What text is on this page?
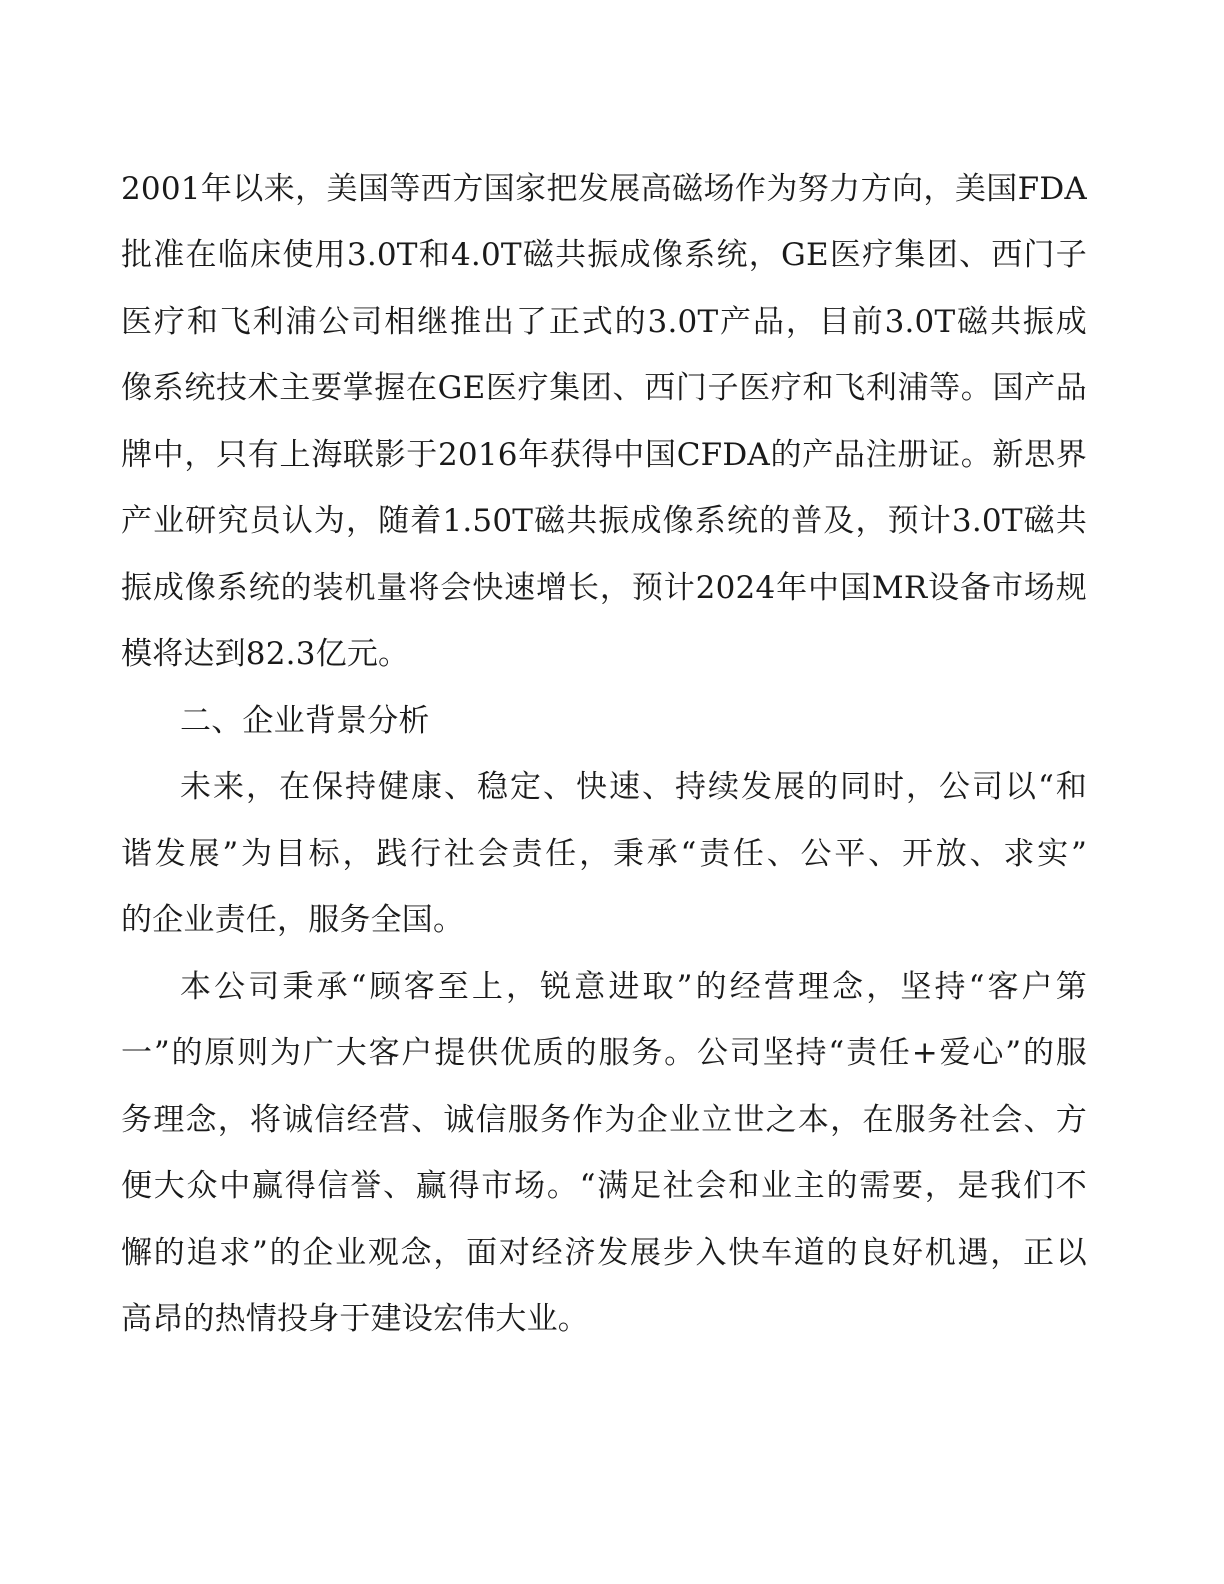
2001年以来，美国等西方国家把发展高磁场作为努力方向，美国FDA
批准在临床使用3.0T和4.0T磁共振成像系统，GE医疗集团、西门子
医疗和飞利浦公司相继推出了正式的3.0T产品，目前3.0T磁共振成
像系统技术主要掌握在GE医疗集团、西门子医疗和飞利浦等。国产品
牌中，只有上海联影于2016年获得中国CFDA的产品注册证。新思界
产业研究员认为，随着1.50T磁共振成像系统的普及，预计3.0T磁共
振成像系统的装机量将会快速增长，预计2024年中国MR设备市场规
模将达到82.3亿元。
二、企业背景分析
未来，在保持健康、稳定、快速、持续发展的同时，公司以“和
谐发展”为目标，践行社会责任，秉承“责任、公平、开放、求实”
的企业责任，服务全国。
本公司秉承“顾客至上，锐意进取”的经营理念，坚持“客户第
一”的原则为广大客户提供优质的服务。公司坚持“责任+爱心”的服
务理念，将诚信经营、诚信服务作为企业立世之本，在服务社会、方
便大众中赢得信誉、赢得市场。“满足社会和业主的需要，是我们不
懈的追求”的企业观念，面对经济发展步入快车道的良好机遇，正以
高昂的热情投身于建设宏伟大业。
